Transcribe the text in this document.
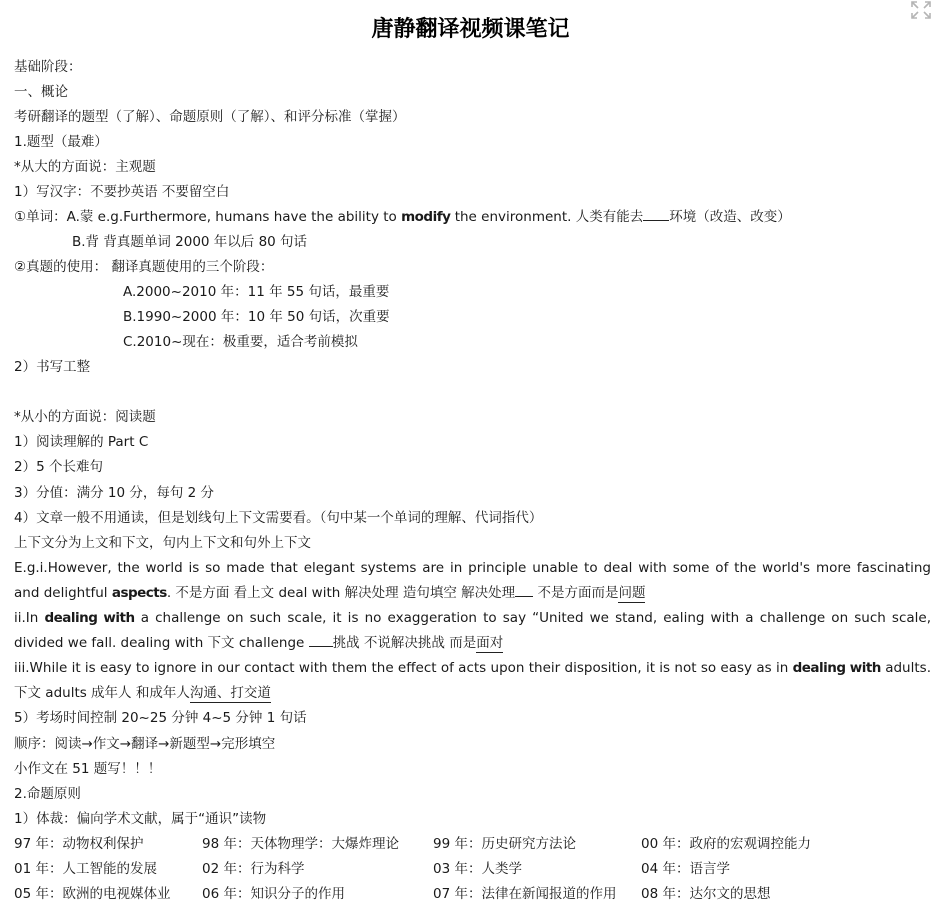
唐静翻译视频课笔记
基础阶段：
一、概论
考研翻译的题型（了解）、命题原则（了解）、和评分标准（掌握）
1.题型（最难）
*从大的方面说：主观题
1）写汉字：不要抄英语 不要留空白
①单词：A.蒙 e.g.Furthermore, humans have the ability to modify the environment. 人类有能去 环境（改造、改变）
B.背 背真题单词 2000 年以后 80 句话
②真题的使用： 翻译真题使用的三个阶段：
A.2000~2010 年：11 年 55 句话，最重要
B.1990~2000 年：10 年 50 句话，次重要
C.2010~现在：极重要，适合考前模拟
2）书写工整
*从小的方面说：阅读题
1）阅读理解的 Part C
2）5 个长难句
3）分值：满分 10 分，每句 2 分
4）文章一般不用通读，但是划线句上下文需要看。（句中某一个单词的理解、代词指代）
上下文分为上文和下文，句内上下文和句外上下文
E.g.i.However, the world is so made that elegant systems are in principle unable to deal with some of the world's more fascinating
and delightful aspects. 不是方面 看上文 deal with 解决处理 造句填空 解决处理 不是方面而是问题
ii.In dealing with a challenge on such scale, it is no exaggeration to say “United we stand, ealing with a challenge on such scale,
divided we fall. dealing with 下文 challenge 挑战 不说解决挑战 而是面对
iii.While it is easy to ignore in our contact with them the effect of acts upon their disposition, it is not so easy as in dealing with adults.
下文 adults 成年人 和成年人沟通、打交道
5）考场时间控制 20~25 分钟 4~5 分钟 1 句话
顺序：阅读→作文→翻译→新题型→完形填空
小作文在 51 题写！！！
2.命题原则
1）体裁：偏向学术文献，属于“通识”读物
97 年：动物权利保护	98 年：天体物理学：大爆炸理论	99 年：历史研究方法论	00 年：政府的宏观调控能力
01 年：人工智能的发展	02 年：行为科学	03 年：人类学	04 年：语言学
05 年：欧洲的电视媒体业 06 年：知识分子的作用	07 年：法律在新闻报道的作用 08 年：达尔文的思想
